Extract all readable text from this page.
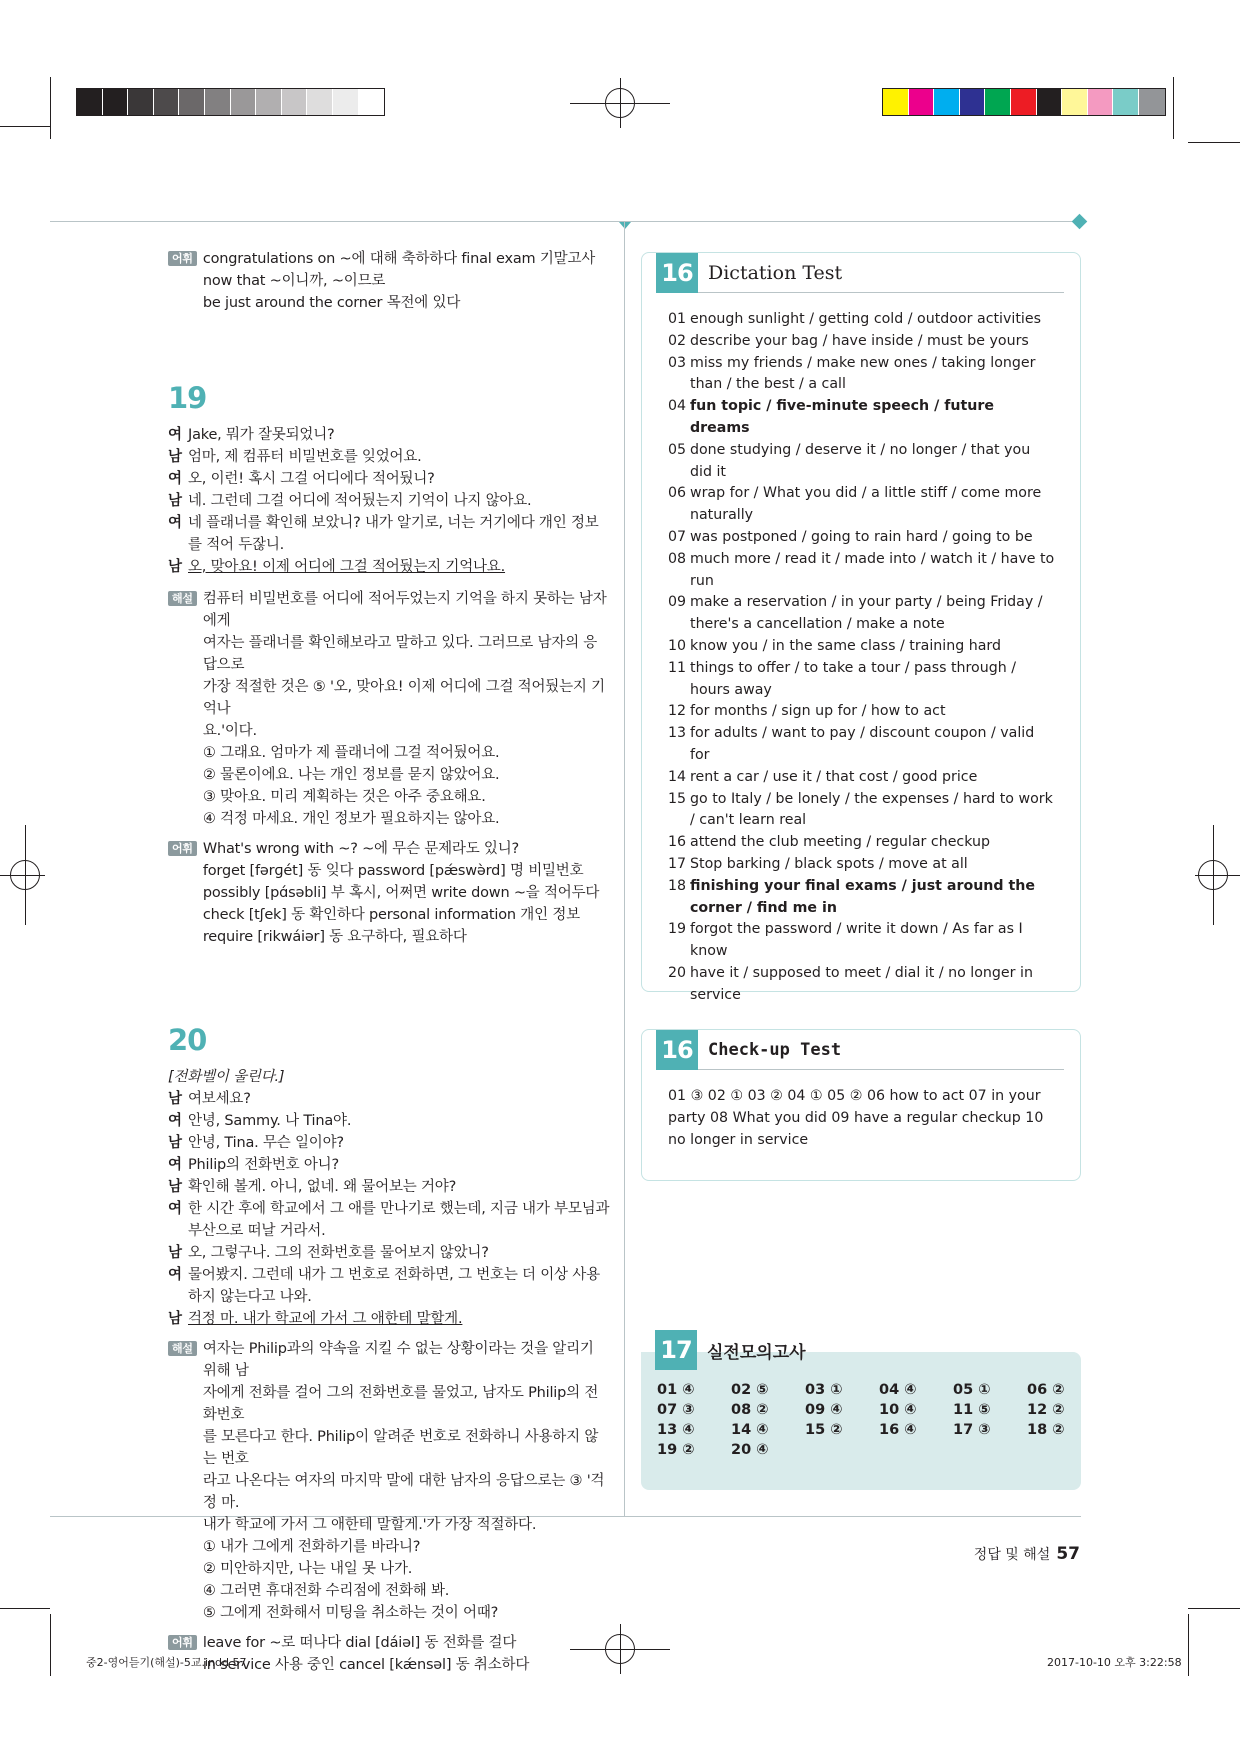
어휘 congratulations on ~에 대해 축하하다 final exam 기말고사
now that ~이니까, ~이므로
be just around the corner 목전에 있다
19
여 Jake, 뭐가 잘못되었니?
남 엄마, 제 컴퓨터 비밀번호를 잊었어요.
여 오, 이런! 혹시 그걸 어디에다 적어뒀니?
남 네. 그런데 그걸 어디에 적어뒀는지 기억이 나지 않아요.
여 네 플래너를 확인해 보았니? 내가 알기로, 너는 거기에다 개인 정보를 적어 두잖니.
남 오, 맞아요! 이제 어디에 그걸 적어뒀는지 기억나요.
해설 컴퓨터 비밀번호를 어디에 적어두었는지 기억을 하지 못하는 남자에게
여자는 플래너를 확인해보라고 말하고 있다. 그러므로 남자의 응답으로
가장 적절한 것은 ⑤ '오, 맞아요! 이제 어디에 그걸 적어뒀는지 기억나
요.'이다.
① 그래요. 엄마가 제 플래너에 그걸 적어뒀어요.
② 물론이에요. 나는 개인 정보를 묻지 않았어요.
③ 맞아요. 미리 계획하는 것은 아주 중요해요.
④ 걱정 마세요. 개인 정보가 필요하지는 않아요.
어휘 What's wrong with ~? ~에 무슨 문제라도 있니?
forget [fərɡét] 동 잊다 password [pǽswə̀rd] 명 비밀번호
possibly [pɑ́səbli] 부 혹시, 어쩌면 write down ~을 적어두다
check [tʃek] 동 확인하다 personal information 개인 정보
require [rikwáiər] 동 요구하다, 필요하다
20
[전화벨이 울린다.]
남 여보세요?
여 안녕, Sammy. 나 Tina야.
남 안녕, Tina. 무슨 일이야?
여 Philip의 전화번호 아니?
남 확인해 볼게. 아니, 없네. 왜 물어보는 거야?
여 한 시간 후에 학교에서 그 애를 만나기로 했는데, 지금 내가 부모님과 부산으로 떠날 거라서.
남 오, 그렇구나. 그의 전화번호를 물어보지 않았니?
여 물어봤지. 그런데 내가 그 번호로 전화하면, 그 번호는 더 이상 사용하지 않는다고 나와.
남 걱정 마. 내가 학교에 가서 그 애한테 말할게.
해설 여자는 Philip과의 약속을 지킬 수 없는 상황이라는 것을 알리기 위해 남
자에게 전화를 걸어 그의 전화번호를 물었고, 남자도 Philip의 전화번호
를 모른다고 한다. Philip이 알려준 번호로 전화하니 사용하지 않는 번호
라고 나온다는 여자의 마지막 말에 대한 남자의 응답으로는 ③ '걱정 마.
내가 학교에 가서 그 애한테 말할게.'가 가장 적절하다.
① 내가 그에게 전화하기를 바라니?
② 미안하지만, 나는 내일 못 나가.
④ 그러면 휴대전화 수리점에 전화해 봐.
⑤ 그에게 전화해서 미팅을 취소하는 것이 어때?
어휘 leave for ~로 떠나다 dial [dáiəl] 동 전화를 걸다
in service 사용 중인 cancel [kǽnsəl] 동 취소하다
16 Dictation Test
01 enough sunlight / getting cold / outdoor activities
02 describe your bag / have inside / must be yours
03 miss my friends / make new ones / taking longer than / the best / a call
04 fun topic / five-minute speech / future dreams
05 done studying / deserve it / no longer / that you did it
06 wrap for / What you did / a little stiff / come more naturally
07 was postponed / going to rain hard / going to be
08 much more / read it / made into / watch it / have to run
09 make a reservation / in your party / being Friday / there's a cancellation / make a note
10 know you / in the same class / training hard
11 things to offer / to take a tour / pass through / hours away
12 for months / sign up for / how to act
13 for adults / want to pay / discount coupon / valid for
14 rent a car / use it / that cost / good price
15 go to Italy / be lonely / the expenses / hard to work / can't learn real
16 attend the club meeting / regular checkup
17 Stop barking / black spots / move at all
18 finishing your final exams / just around the corner / find me in
19 forgot the password / write it down / As far as I know
20 have it / supposed to meet / dial it / no longer in service
16 Check-up Test
01 ③ 02 ① 03 ② 04 ① 05 ② 06 how to act 07 in your party 08 What you did 09 have a regular checkup 10 no longer in service
17 실전모의고사
01 ④	02 ⑤	03 ①	04 ④	05 ①	06 ②
07 ③	08 ②	09 ④	10 ④	11 ⑤	12 ②
13 ④	14 ④	15 ②	16 ④	17 ③	18 ②
19 ②	20 ④
정답 및 해설 57
중2-영어듣기(해설)-5교.indd 57	2017-10-10 오후 3:22:58
